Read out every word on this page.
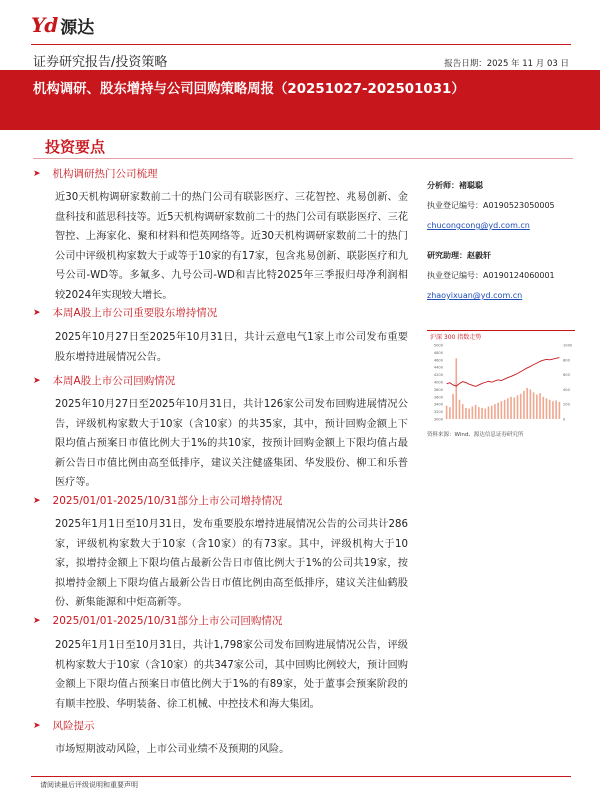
Yd 源达
证券研究报告/投资策略	报告日期：2025 年 11 月 03 日
机构调研、股东增持与公司回购策略周报（20251027-202501031）
投资要点
➤ 机构调研热门公司梳理
近30天机构调研家数前二十的热门公司有联影医疗、三花智控、兆易创新、金盘科技和蓝思科技等。近5天机构调研家数前二十的热门公司有联影医疗、三花智控、上海家化、聚和材料和恺英网络等。近30天机构调研家数前二十的热门公司中评级机构家数大于或等于10家的有17家，包含兆易创新、联影医疗和九号公司-WD等。多氟多、九号公司-WD和吉比特2025年三季报归母净利润相较2024年实现较大增长。
➤ 本周A股上市公司重要股东增持情况
2025年10月27日至2025年10月31日，共计云意电气1家上市公司发布重要股东增持进展情况公告。
➤ 本周A股上市公司回购情况
2025年10月27日至2025年10月31日，共计126家公司发布回购进展情况公告，评级机构家数大于10家（含10家）的共35家，其中，预计回购金额上下限均值占预案日市值比例大于1%的共10家，按预计回购金额上下限均值占最新公告日市值比例由高至低排序，建议关注健盛集团、华发股份、柳工和乐普医疗等。
➤ 2025/01/01-2025/10/31部分上市公司增持情况
2025年1月1日至10月31日，发布重要股东增持进展情况公告的公司共计286家，评级机构家数大于10家（含10家）的有73家。其中，评级机构大于10家，拟增持金额上下限均值占最新公告日市值比例大于1%的公司共19家，按拟增持金额上下限均值占最新公告日市值比例由高至低排序，建议关注仙鹤股份、新集能源和中炬高新等。
➤ 2025/01/01-2025/10/31部分上市公司回购情况
2025年1月1日至10月31日，共计1,798家公司发布回购进展情况公告，评级机构家数大于10家（含10家）的共347家公司，其中回购比例较大，预计回购金额上下限均值占预案日市值比例大于1%的有89家，处于董事会预案阶段的有顺丰控股、华明装备、徐工机械、中控技术和海大集团。
➤ 风险提示
市场短期波动风险，上市公司业绩不及预期的风险。
分析师：褚聪聪
执业登记编号：A0190523050005
chucongcong@yd.com.cn
研究助理：赵毅轩
执业登记编号：A0190124060001
zhaoyixuan@yd.com.cn
沪深 300 指数走势
5000
4800
4600
4400
4200
4000
3800
3600
3400
3200
3000
1000
800
600
400
200
0
资料来源：Wind、源达信息证券研究所
请阅读最后评级说明和重要声明
